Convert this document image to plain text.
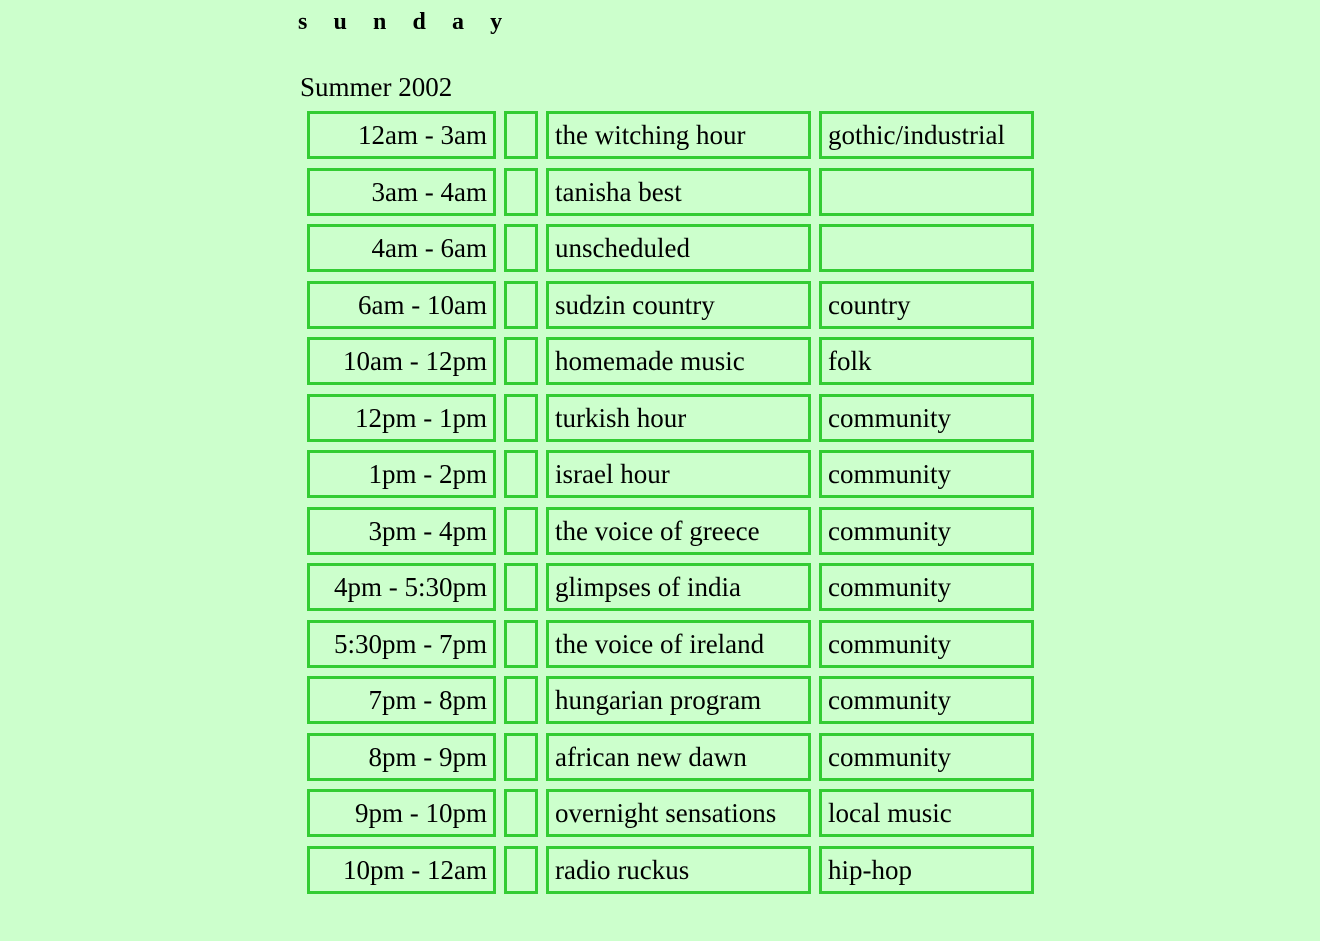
s u n d a y
Summer 2002
12am - 3am	the witching hour	gothic/industrial
3am - 4am	tanisha best
4am - 6am	unscheduled
6am - 10am	sudzin country	country
10am - 12pm	homemade music	folk
12pm - 1pm	turkish hour	community
1pm - 2pm	israel hour	community
3pm - 4pm	the voice of greece	community
4pm - 5:30pm	glimpses of india	community
5:30pm - 7pm	the voice of ireland	community
7pm - 8pm	hungarian program	community
8pm - 9pm	african new dawn	community
9pm - 10pm	overnight sensations	local music
10pm - 12am	radio ruckus	hip-hop
